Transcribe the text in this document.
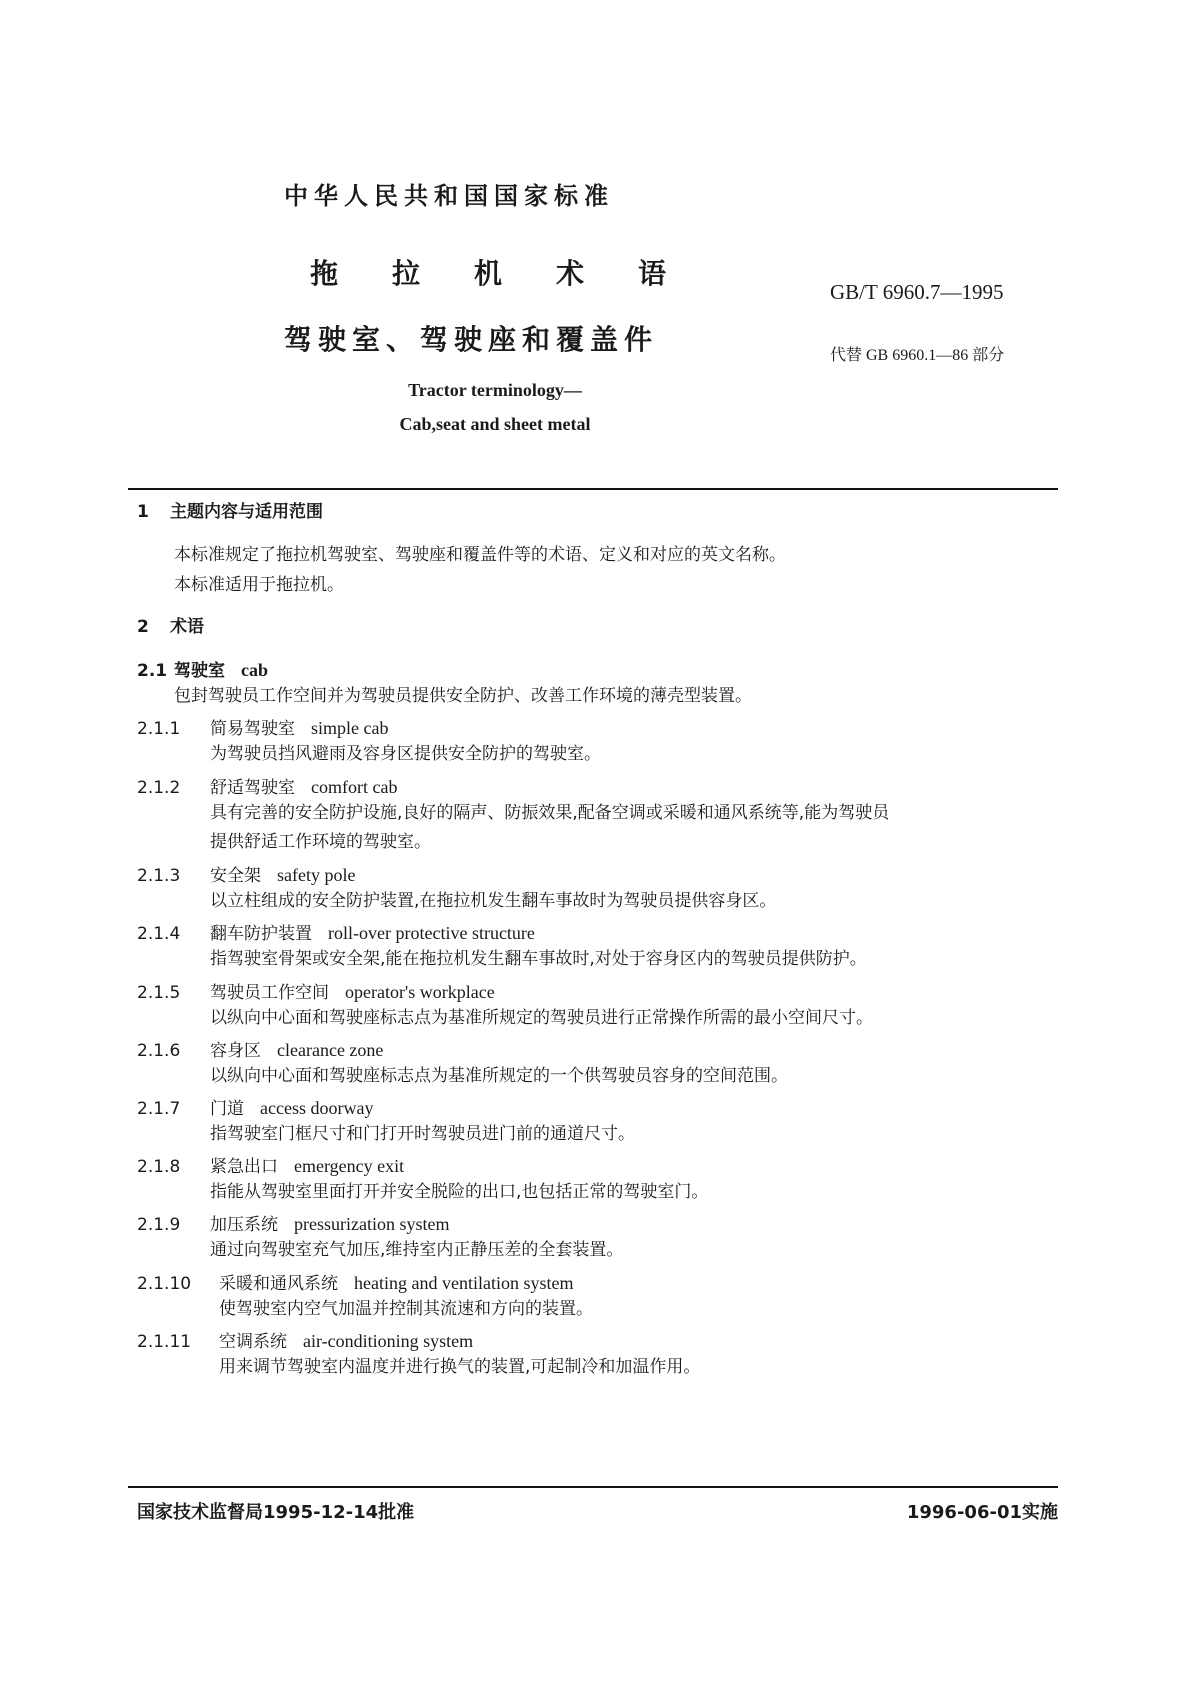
中华人民共和国国家标准
拖拉机术语
驾驶室、驾驶座和覆盖件
GB/T 6960.7—1995
代替 GB 6960.1—86 部分
Tractor terminology—
Cab,seat and sheet metal
1 主题内容与适用范围
本标准规定了拖拉机驾驶室、驾驶座和覆盖件等的术语、定义和对应的英文名称。
本标准适用于拖拉机。
2 术语
2.1 驾驶室 cab
包封驾驶员工作空间并为驾驶员提供安全防护、改善工作环境的薄壳型装置。
2.1.1 简易驾驶室 simple cab
为驾驶员挡风避雨及容身区提供安全防护的驾驶室。
2.1.2 舒适驾驶室 comfort cab
具有完善的安全防护设施,良好的隔声、防振效果,配备空调或采暖和通风系统等,能为驾驶员
提供舒适工作环境的驾驶室。
2.1.3 安全架 safety pole
以立柱组成的安全防护装置,在拖拉机发生翻车事故时为驾驶员提供容身区。
2.1.4 翻车防护装置 roll-over protective structure
指驾驶室骨架或安全架,能在拖拉机发生翻车事故时,对处于容身区内的驾驶员提供防护。
2.1.5 驾驶员工作空间 operator's workplace
以纵向中心面和驾驶座标志点为基准所规定的驾驶员进行正常操作所需的最小空间尺寸。
2.1.6 容身区 clearance zone
以纵向中心面和驾驶座标志点为基准所规定的一个供驾驶员容身的空间范围。
2.1.7 门道 access doorway
指驾驶室门框尺寸和门打开时驾驶员进门前的通道尺寸。
2.1.8 紧急出口 emergency exit
指能从驾驶室里面打开并安全脱险的出口,也包括正常的驾驶室门。
2.1.9 加压系统 pressurization system
通过向驾驶室充气加压,维持室内正静压差的全套装置。
2.1.10 采暖和通风系统 heating and ventilation system
使驾驶室内空气加温并控制其流速和方向的装置。
2.1.11 空调系统 air-conditioning system
用来调节驾驶室内温度并进行换气的装置,可起制冷和加温作用。
国家技术监督局1995-12-14批准	1996-06-01实施
